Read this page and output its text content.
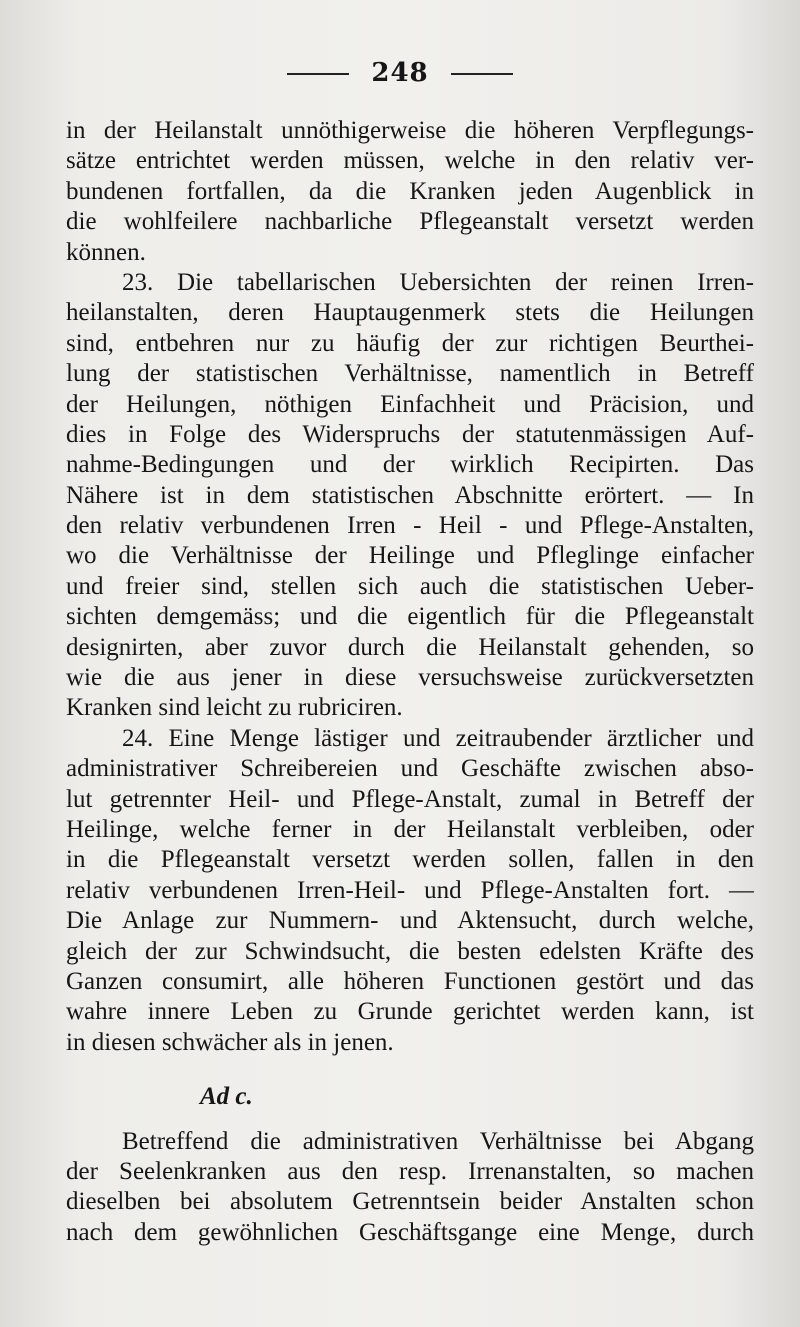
248
in der Heilanstalt unnöthigerweise die höheren Verpflegungs-
sätze entrichtet werden müssen, welche in den relativ ver-
bundenen fortfallen, da die Kranken jeden Augenblick in
die wohlfeilere nachbarliche Pflegeanstalt versetzt werden
können.
23. Die tabellarischen Uebersichten der reinen Irren-
heilanstalten, deren Hauptaugenmerk stets die Heilungen
sind, entbehren nur zu häufig der zur richtigen Beurthei-
lung der statistischen Verhältnisse, namentlich in Betreff
der Heilungen, nöthigen Einfachheit und Präcision, und
dies in Folge des Widerspruchs der statutenmässigen Auf-
nahme-Bedingungen und der wirklich Recipirten. Das
Nähere ist in dem statistischen Abschnitte erörtert. — In
den relativ verbundenen Irren - Heil - und Pflege-Anstalten,
wo die Verhältnisse der Heilinge und Pfleglinge einfacher
und freier sind, stellen sich auch die statistischen Ueber-
sichten demgemäss; und die eigentlich für die Pflegeanstalt
designirten, aber zuvor durch die Heilanstalt gehenden, so
wie die aus jener in diese versuchsweise zurückversetzten
Kranken sind leicht zu rubriciren.
24. Eine Menge lästiger und zeitraubender ärztlicher und
administrativer Schreibereien und Geschäfte zwischen abso-
lut getrennter Heil- und Pflege-Anstalt, zumal in Betreff der
Heilinge, welche ferner in der Heilanstalt verbleiben, oder
in die Pflegeanstalt versetzt werden sollen, fallen in den
relativ verbundenen Irren-Heil- und Pflege-Anstalten fort. —
Die Anlage zur Nummern- und Aktensucht, durch welche,
gleich der zur Schwindsucht, die besten edelsten Kräfte des
Ganzen consumirt, alle höheren Functionen gestört und das
wahre innere Leben zu Grunde gerichtet werden kann, ist
in diesen schwächer als in jenen.
Ad c.
Betreffend die administrativen Verhältnisse bei Abgang
der Seelenkranken aus den resp. Irrenanstalten, so machen
dieselben bei absolutem Getrenntsein beider Anstalten schon
nach dem gewöhnlichen Geschäftsgange eine Menge, durch
